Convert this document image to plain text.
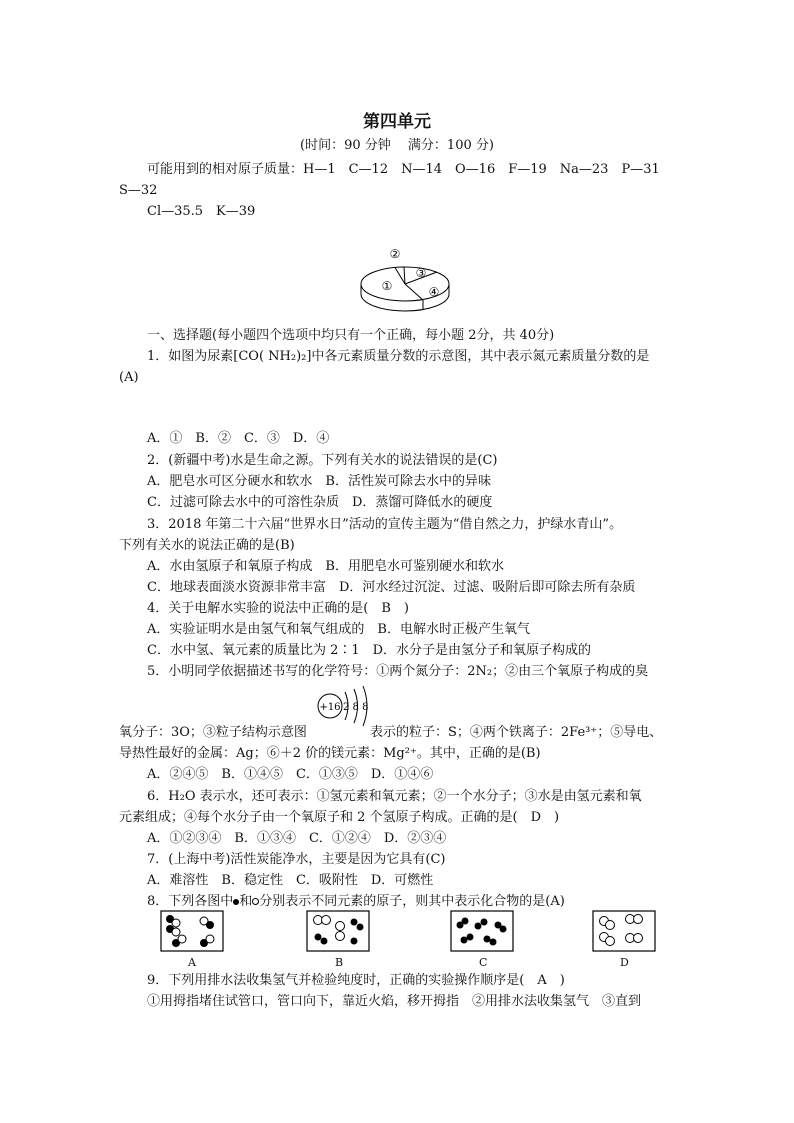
第四单元
(时间：90 分钟　 满分：100 分)
可能用到的相对原子质量：H—1　C—12　N—14　O—16　F—19　Na—23　P—31
S—32
Cl—35.5　K—39
②
①
③
④
一、选择题(每小题四个选项中均只有一个正确，每小题 2分，共 40分)
1．如图为尿素[CO( NH₂)₂]中各元素质量分数的示意图，其中表示氮元素质量分数的是
(A)
A．①　B．②　C．③　D．④
2．(新疆中考)水是生命之源。下列有关水的说法错误的是(C)
A．肥皂水可区分硬水和软水　B．活性炭可除去水中的异味
C．过滤可除去水中的可溶性杂质　D．蒸馏可降低水的硬度
3．2018 年第二十六届“世界水日”活动的宣传主题为“借自然之力，护绿水青山”。
下列有关水的说法正确的是(B)
A．水由氢原子和氧原子构成　B．用肥皂水可鉴别硬水和软水
C．地球表面淡水资源非常丰富　D．河水经过沉淀、过滤、吸附后即可除去所有杂质
4．关于电解水实验的说法中正确的是(　B　)
A．实验证明水是由氢气和氧气组成的　B．电解水时正极产生氧气
C．水中氢、氧元素的质量比为 2∶1　D．水分子是由氢分子和氧原子构成的
5．小明同学依据描述书写的化学符号：①两个氮分子：2N₂；②由三个氧原子构成的臭
+16 2 8 8
氧分子：3O；③粒子结构示意图	表示的粒子：S；④两个铁离子：2Fe³⁺；⑤导电、
导热性最好的金属：Ag；⑥＋2 价的镁元素：Mg²⁺。其中，正确的是(B)
A．②④⑤　B．①④⑤　C．①③⑤　D．①④⑥
6．H₂O 表示水，还可表示：①氢元素和氧元素；②一个水分子；③水是由氢元素和氧
元素组成；④每个水分子由一个氧原子和 2 个氢原子构成。正确的是(　D　)
A．①②③④　B．①③④　C．①②④　D．②③④
7．(上海中考)活性炭能净水，主要是因为它具有(C)
A．难溶性　B．稳定性　C．吸附性　D．可燃性
8．下列各图中 和 分别表示不同元素的原子，则其中表示化合物的是(A)
A	B	C	D
9．下列用排水法收集氢气并检验纯度时，正确的实验操作顺序是(　A　)
①用拇指堵住试管口，管口向下，靠近火焰，移开拇指　②用排水法收集氢气　③直到
